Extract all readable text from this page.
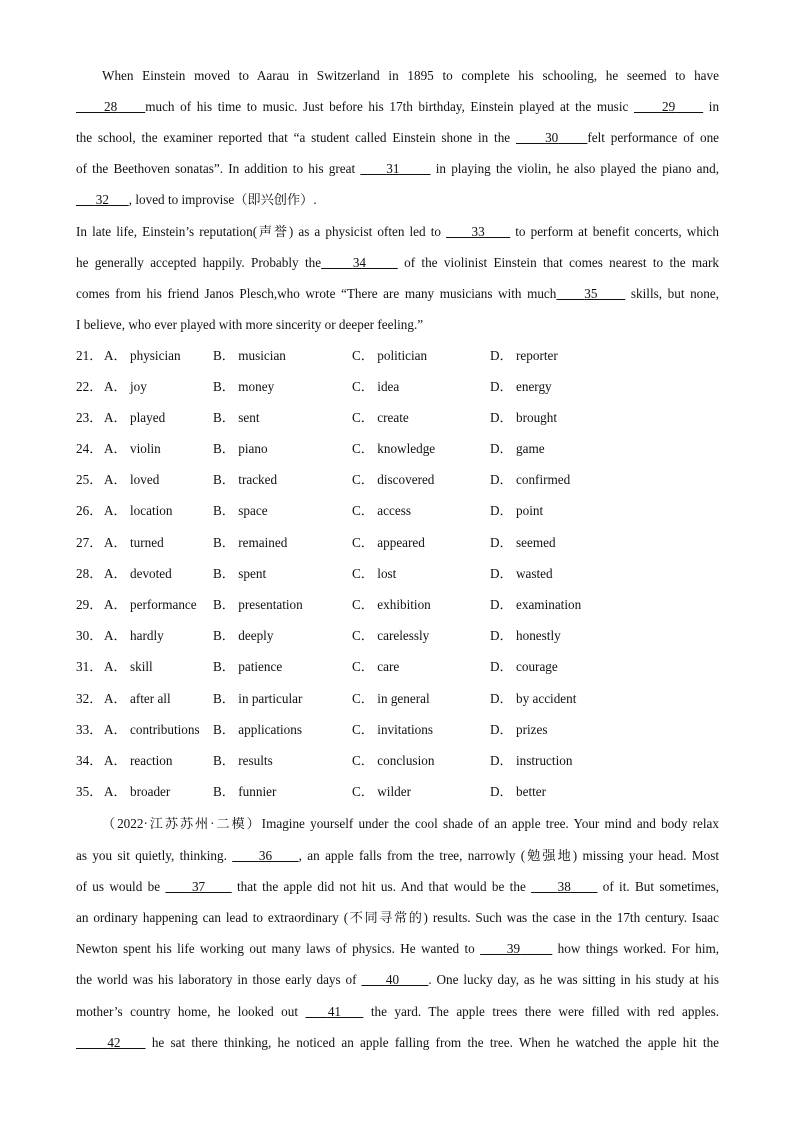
When Einstein moved to Aarau in Switzerland in 1895 to complete his schooling, he seemed to have
28 much of his time to music. Just before his 17th birthday, Einstein played at the music	29	in
the school, the examiner reported that “a student called Einstein shone in the	30 felt performance of one
of the Beethoven sonatas”. In addition to his great 31	in playing the violin, he also played the piano and,
32 , loved to improvise（即兴创作）.
In late life, Einstein’s reputation(声誉) as a physicist often led to 33 to perform at benefit concerts, which
he generally accepted happily. Probably the 34	of the violinist Einstein that comes nearest to the mark
comes from his friend Janos Plesch,who wrote “There are many musicians with much 35	skills, but none,
I believe, who ever played with more sincerity or deeper feeling.”
21． A． physician B． musician	C． politician	D． reporter
22． A． joy	B． money	C． idea	D． energy
23． A． played	B． sent	C． create	D． brought
24． A． violin	B． piano	C． knowledge	D． game
25． A． loved	B． tracked	C． discovered	D． confirmed
26． A． location	B． space	C． access	D． point
27． A． turned	B． remained	C． appeared	D． seemed
28． A． devoted	B． spent	C． lost	D． wasted
29． A． performance B． presentation	C． exhibition	D． examination
30． A． hardly	B． deeply	C． carelessly	D． honestly
31． A． skill	B． patience	C． care	D． courage
32． A． after all	B． in particular	C． in general	D． by accident
33． A． contributions B． applications	C． invitations	D． prizes
34． A． reaction	B． results	C． conclusion	D． instruction
35． A． broader	B． funnier	C． wilder	D． better
（2022·江苏苏州·二模）Imagine yourself under the cool shade of an apple tree. Your mind and body relax
as you sit quietly, thinking. 36 , an apple falls from the tree, narrowly (勉强地) missing your head. Most
of us would be 37 that the apple did not hit us. And that would be the 38 of it. But sometimes,
an ordinary happening can lead to extraordinary (不同寻常的) results. Such was the case in the 17th century. Isaac
Newton spent his life working out many laws of physics. He wanted to 39	how things worked. For him,
the world was his laboratory in those early days of 40 . One lucky day, as he was sitting in his study at his
mother’s country home, he looked out 41 the yard. The apple trees there were filled with red apples.
42 he sat there thinking, he noticed an apple falling from the tree. When he watched the apple hit the
